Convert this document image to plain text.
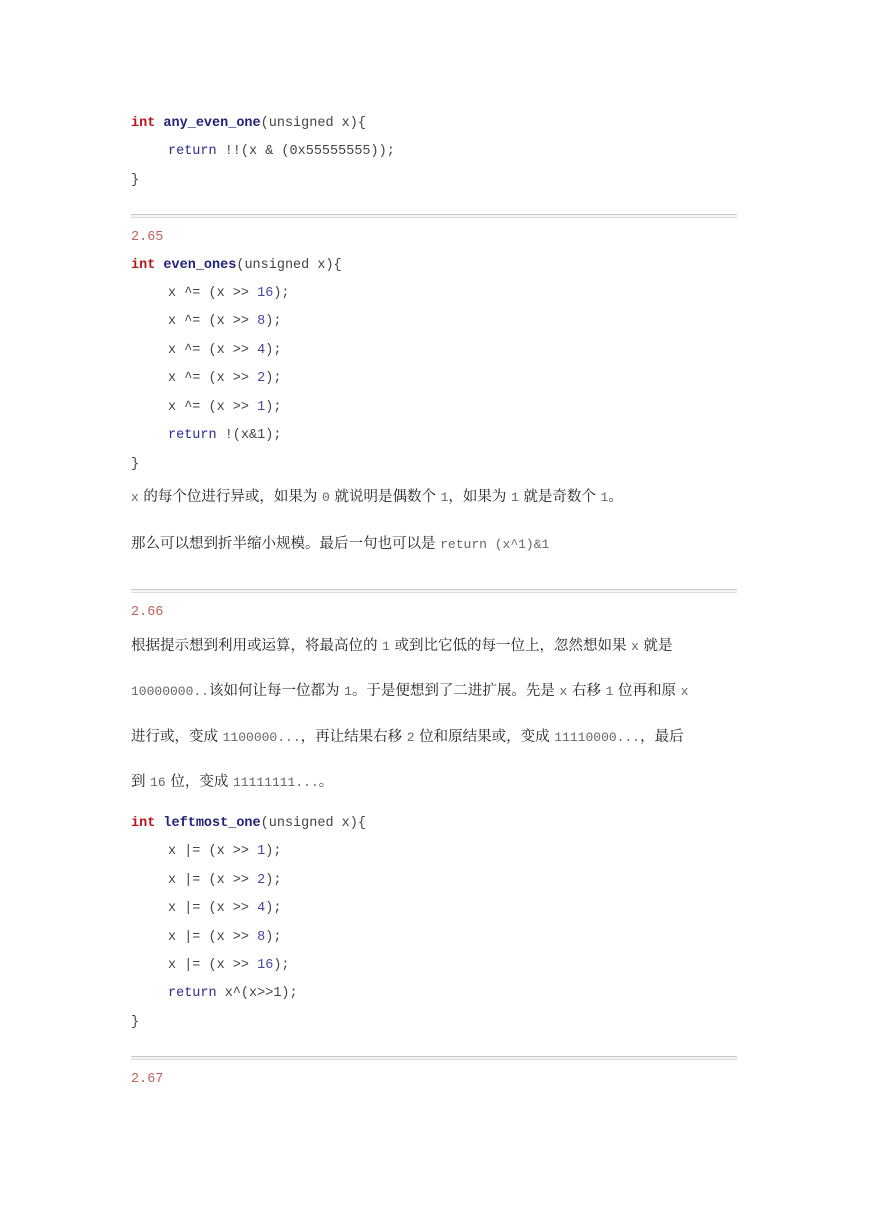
int any_even_one(unsigned x){
return !!(x & (0x55555555));
}
2.65
int even_ones(unsigned x){
x ^= (x >> 16);
x ^= (x >> 8);
x ^= (x >> 4);
x ^= (x >> 2);
x ^= (x >> 1);
return !(x&1);
}
x 的每个位进行异或，如果为 0 就说明是偶数个 1，如果为 1 就是奇数个 1。
那么可以想到折半缩小规模。最后一句也可以是 return (x^1)&1
2.66
根据提示想到利用或运算，将最高位的 1 或到比它低的每一位上，忽然想如果 x 就是
10000000..该如何让每一位都为 1。于是便想到了二进扩展。先是 x 右移 1 位再和原 x
进行或，变成 1100000...，再让结果右移 2 位和原结果或，变成 11110000...，最后
到 16 位，变成 11111111...。
int leftmost_one(unsigned x){
x |= (x >> 1);
x |= (x >> 2);
x |= (x >> 4);
x |= (x >> 8);
x |= (x >> 16);
return x^(x>>1);
}
2.67
